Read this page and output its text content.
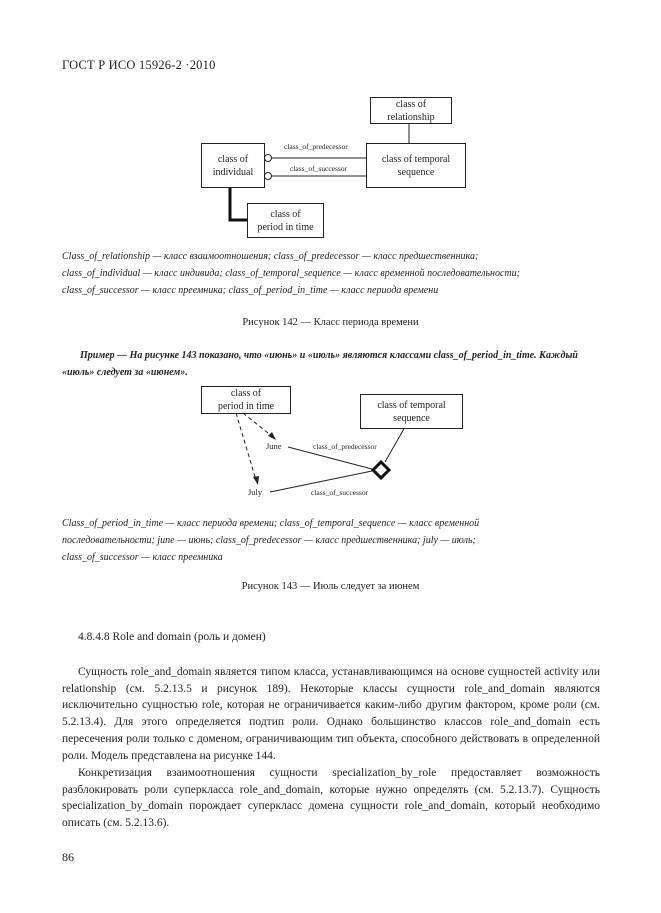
ГОСТ Р ИСО 15926-2 ·2010
class of
relationship
class of
individual
class of temporal
sequence
class of
period in time
class_of_predecessor
class_of_successor
Class_of_relationship — класс взаимоотношения; class_of_predecessor — класс предшественника;
class_of_individual — класс индивида; class_of_temporal_sequence — класс временной последовательности;
class_of_successor — класс преемника; class_of_period_in_time — класс периода времени
Рисунок 142 — Класс периода времени
Пример — На рисунке 143 показано, что «июнь» и «июль» являются классами class_of_period_in_time. Каждый
«июль» следует за «июнем».
class of
period in time	class of temporal
sequence
June
July
class_of_predecessor
class_of_successor
Class_of_period_in_time — класс периода времени; class_of_temporal_sequence — класс временной
последовательности; june — июнь; class_of_predecessor — класс предшественника; july — июль;
class_of_successor — класс преемника
Рисунок 143 — Июль следует за июнем
4.8.4.8 Role and domain (роль и домен)
Сущность role_and_domain является типом класса, устанавливающимся на основе сущностей activity или relationship (см. 5.2.13.5 и рисунок 189). Некоторые классы сущности role_and_domain являются исключительно сущностью role, которая не ограничивается каким-либо другим фактором, кроме роли (см. 5.2.13.4). Для этого определяется подтип роли. Однако большинство классов role_and_domain есть пересечения роли только с доменом, ограничивающим тип объекта, способного действовать в определенной роли. Модель представлена на рисунке 144.
Конкретизация взаимоотношения сущности specialization_by_role предоставляет возможность разблокировать роли суперкласса role_and_domain, которые нужно определять (см. 5.2.13.7). Сущность specialization_by_domain порождает суперкласс домена сущности role_and_domain, который необходимо описать (см. 5.2.13.6).
86
